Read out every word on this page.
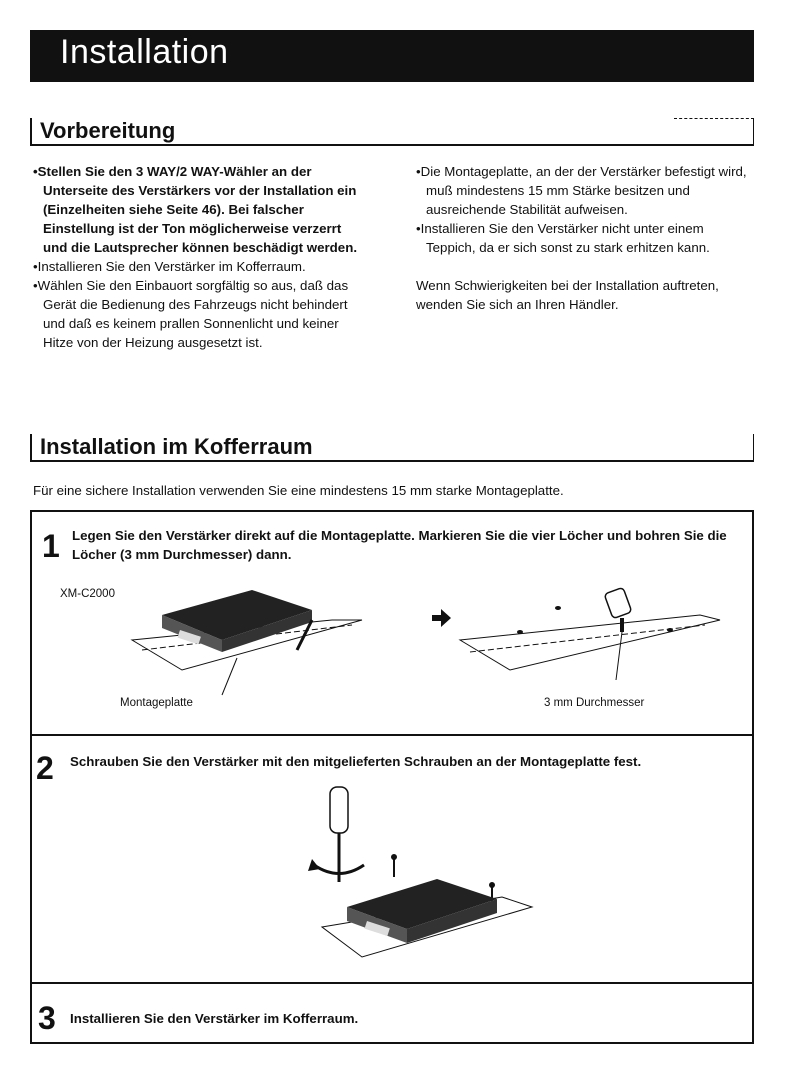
Installation
Vorbereitung

•Stellen Sie den 3 WAY/2 WAY-Wähler an der Unterseite des Verstärkers vor der Installation ein (Einzelheiten siehe Seite 46). Bei falscher Einstellung ist der Ton möglicherweise verzerrt und die Lautsprecher können beschädigt werden.

•Installieren Sie den Verstärker im Kofferraum.

•Wählen Sie den Einbauort sorgfältig so aus, daß das Gerät die Bedienung des Fahrzeugs nicht behindert und daß es keinem prallen Sonnenlicht und keiner Hitze von der Heizung ausgesetzt ist.

•Die Montageplatte, an der der Verstärker befestigt wird, muß mindestens 15 mm Stärke besitzen und ausreichende Stabilität aufweisen.

•Installieren Sie den Verstärker nicht unter einem Teppich, da er sich sonst zu stark erhitzen kann.

Wenn Schwierigkeiten bei der Installation auftreten, wenden Sie sich an Ihren Händler.

Installation im Kofferraum
Für eine sichere Installation verwenden Sie eine mindestens 15 mm starke Montageplatte.
1 Legen Sie den Verstärker direkt auf die Montageplatte. Markieren Sie die vier Löcher und bohren Sie die Löcher (3 mm Durchmesser) dann.
XM-C2000
Montageplatte	3 mm Durchmesser
2 Schrauben Sie den Verstärker mit den mitgelieferten Schrauben an der Montageplatte fest.
3 Installieren Sie den Verstärker im Kofferraum.
